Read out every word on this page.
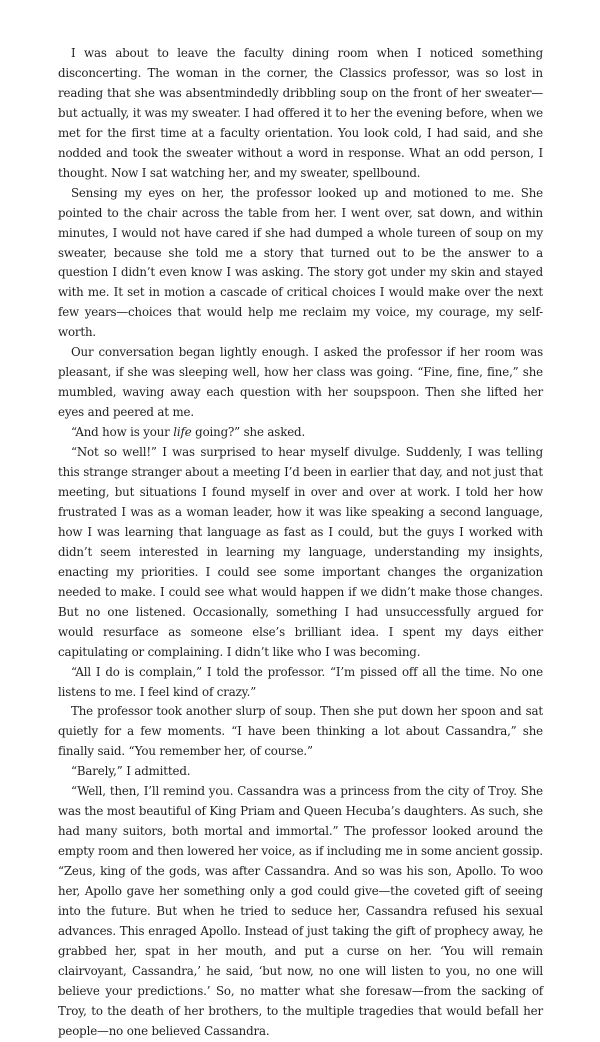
I was about to leave the faculty dining room when I noticed something disconcerting. The woman in the corner, the Classics professor, was so lost in reading that she was absentmindedly dribbling soup on the front of her sweater—but actually, it was my sweater. I had offered it to her the evening before, when we met for the first time at a faculty orientation. You look cold, I had said, and she nodded and took the sweater without a word in response. What an odd person, I thought. Now I sat watching her, and my sweater, spellbound.

Sensing my eyes on her, the professor looked up and motioned to me. She pointed to the chair across the table from her. I went over, sat down, and within minutes, I would not have cared if she had dumped a whole tureen of soup on my sweater, because she told me a story that turned out to be the answer to a question I didn’t even know I was asking. The story got under my skin and stayed with me. It set in motion a cascade of critical choices I would make over the next few years—choices that would help me reclaim my voice, my courage, my self-worth.

Our conversation began lightly enough. I asked the professor if her room was pleasant, if she was sleeping well, how her class was going. “Fine, fine, fine,” she mumbled, waving away each question with her soupspoon. Then she lifted her eyes and peered at me.

“And how is your life going?” she asked.

“Not so well!” I was surprised to hear myself divulge. Suddenly, I was telling this strange stranger about a meeting I’d been in earlier that day, and not just that meeting, but situations I found myself in over and over at work. I told her how frustrated I was as a woman leader, how it was like speaking a second language, how I was learning that language as fast as I could, but the guys I worked with didn’t seem interested in learning my language, understanding my insights, enacting my priorities. I could see some important changes the organization needed to make. I could see what would happen if we didn’t make those changes. But no one listened. Occasionally, something I had unsuccessfully argued for would resurface as someone else’s brilliant idea. I spent my days either capitulating or complaining. I didn’t like who I was becoming.

“All I do is complain,” I told the professor. “I’m pissed off all the time. No one listens to me. I feel kind of crazy.”

The professor took another slurp of soup. Then she put down her spoon and sat quietly for a few moments. “I have been thinking a lot about Cassandra,” she finally said. “You remember her, of course.”

“Barely,” I admitted.

“Well, then, I’ll remind you. Cassandra was a princess from the city of Troy. She was the most beautiful of King Priam and Queen Hecuba’s daughters. As such, she had many suitors, both mortal and immortal.” The professor looked around the empty room and then lowered her voice, as if including me in some ancient gossip. “Zeus, king of the gods, was after Cassandra. And so was his son, Apollo. To woo her, Apollo gave her something only a god could give—the coveted gift of seeing into the future. But when he tried to seduce her, Cassandra refused his sexual advances. This enraged Apollo. Instead of just taking the gift of prophecy away, he grabbed her, spat in her mouth, and put a curse on her. ‘You will remain clairvoyant, Cassandra,’ he said, ‘but now, no one will listen to you, no one will believe your predictions.’ So, no matter what she foresaw—from the sacking of Troy, to the death of her brothers, to the multiple tragedies that would befall her people—no one believed Cassandra.
